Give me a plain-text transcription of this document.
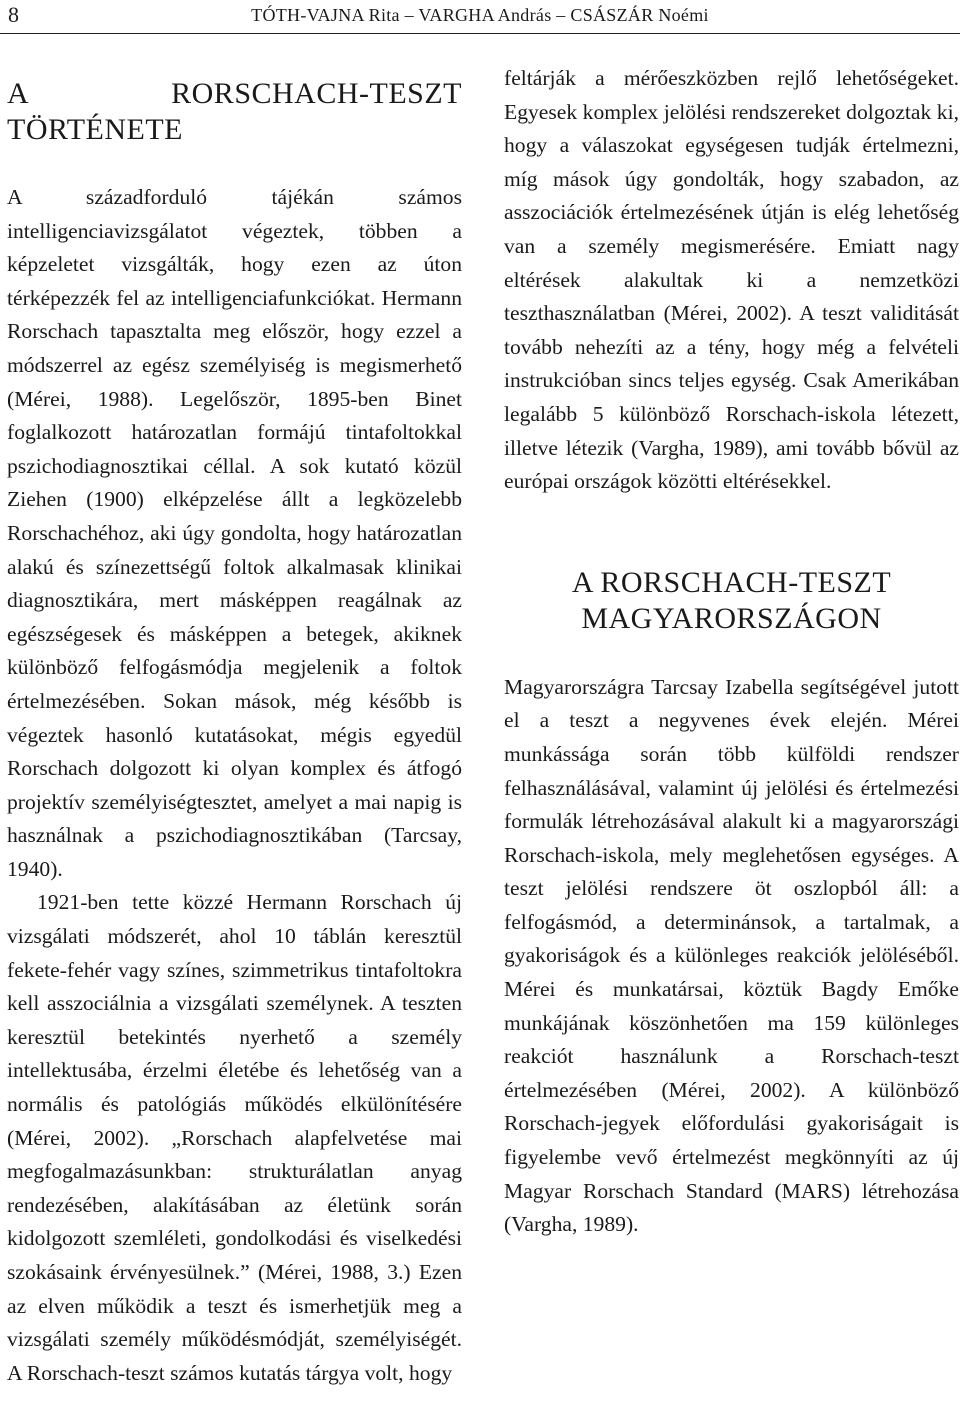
8	TÓTH-VAJNA Rita – VARGHA András – CSÁSZÁR Noémi
A RORSCHACH-TESZT TÖRTÉNETE

A századforduló tájékán számos intelligenciavizsgálatot végeztek, többen a képzeletet vizsgálták, hogy ezen az úton térképezzék fel az intelligenciafunkciókat. Hermann Rorschach tapasztalta meg először, hogy ezzel a módszerrel az egész személyiség is megismerhető (Mérei, 1988). Legelőször, 1895-ben Binet foglalkozott határozatlan formájú tintafoltokkal pszichodiagnosztikai céllal. A sok kutató közül Ziehen (1900) elképzelése állt a legközelebb Rorschachéhoz, aki úgy gondolta, hogy határozatlan alakú és színezettségű foltok alkalmasak klinikai diagnosztikára, mert másképpen reagálnak az egészségesek és másképpen a betegek, akiknek különböző felfogásmódja megjelenik a foltok értelmezésében. Sokan mások, még később is végeztek hasonló kutatásokat, mégis egyedül Rorschach dolgozott ki olyan komplex és átfogó projektív személyiségtesztet, amelyet a mai napig is használnak a pszichodiagnosztikában (Tarcsay, 1940).

1921-ben tette közzé Hermann Rorschach új vizsgálati módszerét, ahol 10 táblán keresztül fekete-fehér vagy színes, szimmetrikus tintafoltokra kell asszociálnia a vizsgálati személynek. A teszten keresztül betekintés nyerhető a személy intellektusába, érzelmi életébe és lehetőség van a normális és patológiás működés elkülönítésére (Mérei, 2002). „Rorschach alapfelvetése mai megfogalmazásunkban: strukturálatlan anyag rendezésében, alakításában az életünk során kidolgozott szemléleti, gondolkodási és viselkedési szokásaink érvényesülnek.” (Mérei, 1988, 3.) Ezen az elven működik a teszt és ismerhetjük meg a vizsgálati személy működésmódját, személyiségét. A Rorschach-teszt számos kutatás tárgya volt, hogy

feltárják a mérőeszközben rejlő lehetőségeket. Egyesek komplex jelölési rendszereket dolgoztak ki, hogy a válaszokat egységesen tudják értelmezni, míg mások úgy gondolták, hogy szabadon, az asszociációk értelmezésének útján is elég lehetőség van a személy megismerésére. Emiatt nagy eltérések alakultak ki a nemzetközi teszthasználatban (Mérei, 2002). A teszt validitását tovább nehezíti az a tény, hogy még a felvételi instrukcióban sincs teljes egység. Csak Amerikában legalább 5 különböző Rorschach-iskola létezett, illetve létezik (Vargha, 1989), ami tovább bővül az európai országok közötti eltérésekkel.

A RORSCHACH-TESZT
MAGYARORSZÁGON

Magyarországra Tarcsay Izabella segítségével jutott el a teszt a negyvenes évek elején. Mérei munkássága során több külföldi rendszer felhasználásával, valamint új jelölési és értelmezési formulák létrehozásával alakult ki a magyarországi Rorschach-iskola, mely meglehetősen egységes. A teszt jelölési rendszere öt oszlopból áll: a felfogásmód, a determinánsok, a tartalmak, a gyakoriságok és a különleges reakciók jelöléséből. Mérei és munkatársai, köztük Bagdy Emőke munkájának köszönhetően ma 159 különleges reakciót használunk a Rorschach-teszt értelmezésében (Mérei, 2002). A különböző Rorschach-jegyek előfordulási gyakoriságait is figyelembe vevő értelmezést megkönnyíti az új Magyar Rorschach Standard (MARS) létrehozása (Vargha, 1989).
